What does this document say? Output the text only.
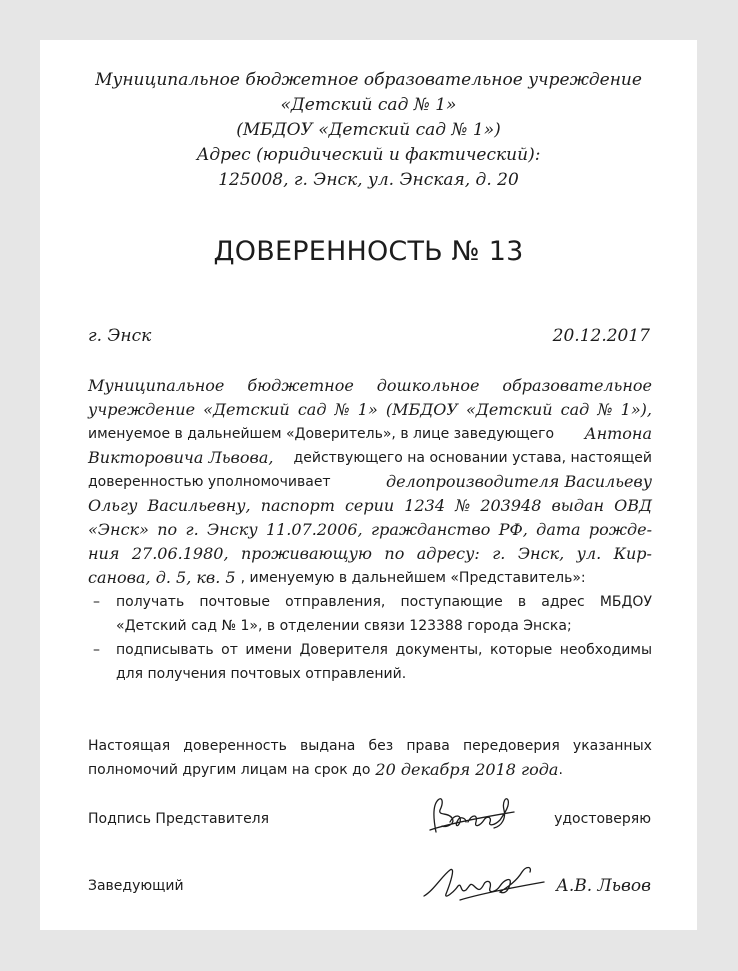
Муниципальное бюджетное образовательное учреждение
«Детский сад № 1»
(МБДОУ «Детский сад № 1»)
Адрес (юридический и фактический):
125008, г. Энск, ул. Энская, д. 20
ДОВЕРЕННОСТЬ № 13
г. Энск	20.12.2017
Муниципальное бюджетное дошкольное образовательное
учреждение «Детский сад № 1» (МБДОУ «Детский сад № 1»),
именуемое в дальнейшем «Доверитель», в лице заведующего Антона
Викторовича Львова, действующего на основании устава, настоящей
доверенностью уполномочивает	делопроизводителя Васильеву
Ольгу Васильевну, паспорт серии 1234 № 203948 выдан ОВД
«Энск» по г. Энску 11.07.2006, гражданство РФ, дата рожде-
ния 27.06.1980, проживающую по адресу: г. Энск, ул. Кир-
санова, д. 5, кв. 5 , именуемую в дальнейшем «Представитель»:
– получать почтовые отправления, поступающие в адрес МБДОУ
«Детский сад № 1», в отделении связи 123388 города Энска;
– подписывать от имени Доверителя документы, которые необходимы
для получения почтовых отправлений.
Настоящая доверенность выдана без права передоверия указанных
полномочий другим лицам на срок до 20 декабря 2018 года .
Подпись Представителя	удостоверяю
Заведующий	А.В. Львов
